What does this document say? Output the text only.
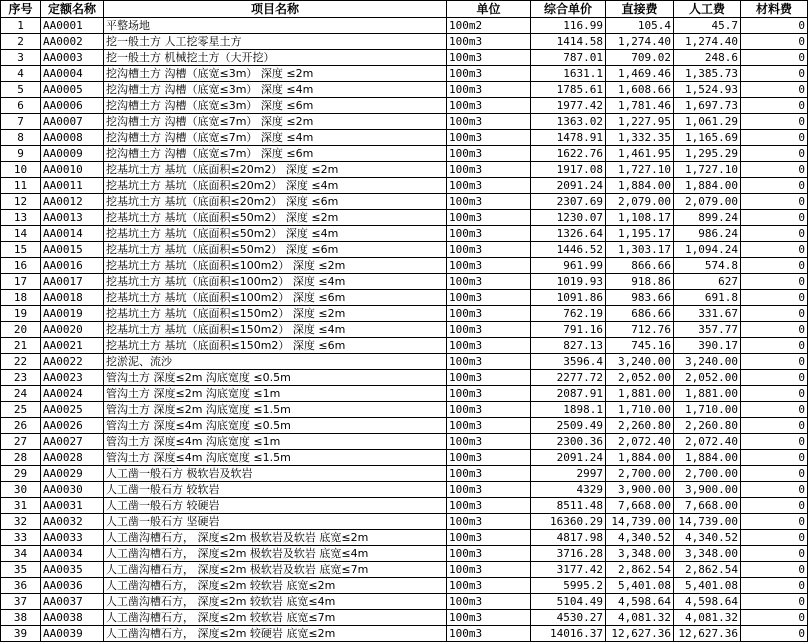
序号	定额名称	项目名称	单位	综合单价	直接费	人工费	材料费
1	AA0001	平整场地	100m2	116.99	105.4	45.7	0
2	AA0002	挖一般土方 人工挖零星土方	100m3	1414.58	1,274.40	1,274.40	0
3	AA0003	挖一般土方 机械挖土方（大开挖）	100m3	787.01	709.02	248.6	0
4	AA0004	挖沟槽土方 沟槽（底宽≤3m） 深度 ≤2m	100m3	1631.1	1,469.46	1,385.73	0
5	AA0005	挖沟槽土方 沟槽（底宽≤3m） 深度 ≤4m	100m3	1785.61	1,608.66	1,524.93	0
6	AA0006	挖沟槽土方 沟槽（底宽≤3m） 深度 ≤6m	100m3	1977.42	1,781.46	1,697.73	0
7	AA0007	挖沟槽土方 沟槽（底宽≤7m） 深度 ≤2m	100m3	1363.02	1,227.95	1,061.29	0
8	AA0008	挖沟槽土方 沟槽（底宽≤7m） 深度 ≤4m	100m3	1478.91	1,332.35	1,165.69	0
9	AA0009	挖沟槽土方 沟槽（底宽≤7m） 深度 ≤6m	100m3	1622.76	1,461.95	1,295.29	0
10	AA0010	挖基坑土方 基坑（底面积≤20m2） 深度 ≤2m	100m3	1917.08	1,727.10	1,727.10	0
11	AA0011	挖基坑土方 基坑（底面积≤20m2） 深度 ≤4m	100m3	2091.24	1,884.00	1,884.00	0
12	AA0012	挖基坑土方 基坑（底面积≤20m2） 深度 ≤6m	100m3	2307.69	2,079.00	2,079.00	0
13	AA0013	挖基坑土方 基坑（底面积≤50m2） 深度 ≤2m	100m3	1230.07	1,108.17	899.24	0
14	AA0014	挖基坑土方 基坑（底面积≤50m2） 深度 ≤4m	100m3	1326.64	1,195.17	986.24	0
15	AA0015	挖基坑土方 基坑（底面积≤50m2） 深度 ≤6m	100m3	1446.52	1,303.17	1,094.24	0
16	AA0016	挖基坑土方 基坑（底面积≤100m2） 深度 ≤2m	100m3	961.99	866.66	574.8	0
17	AA0017	挖基坑土方 基坑（底面积≤100m2） 深度 ≤4m	100m3	1019.93	918.86	627	0
18	AA0018	挖基坑土方 基坑（底面积≤100m2） 深度 ≤6m	100m3	1091.86	983.66	691.8	0
19	AA0019	挖基坑土方 基坑（底面积≤150m2） 深度 ≤2m	100m3	762.19	686.66	331.67	0
20	AA0020	挖基坑土方 基坑（底面积≤150m2） 深度 ≤4m	100m3	791.16	712.76	357.77	0
21	AA0021	挖基坑土方 基坑（底面积≤150m2） 深度 ≤6m	100m3	827.13	745.16	390.17	0
22	AA0022	挖淤泥、流沙	100m3	3596.4	3,240.00	3,240.00	0
23	AA0023	管沟土方 深度≤2m 沟底宽度 ≤0.5m	100m3	2277.72	2,052.00	2,052.00	0
24	AA0024	管沟土方 深度≤2m 沟底宽度 ≤1m	100m3	2087.91	1,881.00	1,881.00	0
25	AA0025	管沟土方 深度≤2m 沟底宽度 ≤1.5m	100m3	1898.1	1,710.00	1,710.00	0
26	AA0026	管沟土方 深度≤4m 沟底宽度 ≤0.5m	100m3	2509.49	2,260.80	2,260.80	0
27	AA0027	管沟土方 深度≤4m 沟底宽度 ≤1m	100m3	2300.36	2,072.40	2,072.40	0
28	AA0028	管沟土方 深度≤4m 沟底宽度 ≤1.5m	100m3	2091.24	1,884.00	1,884.00	0
29	AA0029	人工凿一般石方 极软岩及软岩	100m3	2997	2,700.00	2,700.00	0
30	AA0030	人工凿一般石方 较软岩	100m3	4329	3,900.00	3,900.00	0
31	AA0031	人工凿一般石方 较硬岩	100m3	8511.48	7,668.00	7,668.00	0
32	AA0032	人工凿一般石方 坚硬岩	100m3	16360.29	14,739.00	14,739.00	0
33	AA0033	人工凿沟槽石方， 深度≤2m 极软岩及软岩 底宽≤2m	100m3	4817.98	4,340.52	4,340.52	0
34	AA0034	人工凿沟槽石方， 深度≤2m 极软岩及软岩 底宽≤4m	100m3	3716.28	3,348.00	3,348.00	0
35	AA0035	人工凿沟槽石方， 深度≤2m 极软岩及软岩 底宽≤7m	100m3	3177.42	2,862.54	2,862.54	0
36	AA0036	人工凿沟槽石方， 深度≤2m 较软岩 底宽≤2m	100m3	5995.2	5,401.08	5,401.08	0
37	AA0037	人工凿沟槽石方， 深度≤2m 较软岩 底宽≤4m	100m3	5104.49	4,598.64	4,598.64	0
38	AA0038	人工凿沟槽石方， 深度≤2m 较软岩 底宽≤7m	100m3	4530.27	4,081.32	4,081.32	0
39	AA0039	人工凿沟槽石方， 深度≤2m 较硬岩 底宽≤2m	100m3	14016.37	12,627.36	12,627.36	0
